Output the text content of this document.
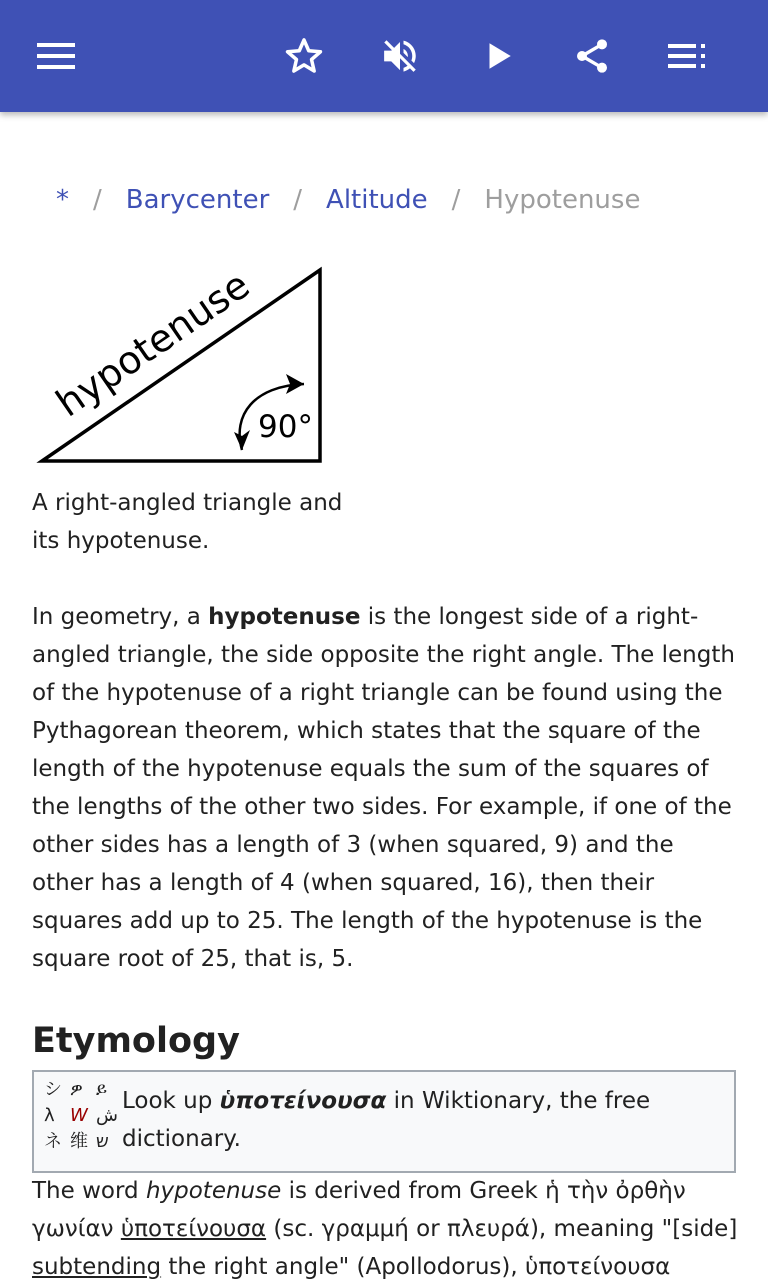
* / Barycenter / Altitude / Hypotenuse
hypotenuse
90°
A right-angled triangle and its hypotenuse.
In geometry, a hypotenuse is the longest side of a right-angled triangle, the side opposite the right angle. The length of the hypotenuse of a right triangle can be found using the Pythagorean theorem, which states that the square of the length of the hypotenuse equals the sum of the squares of the lengths of the other two sides. For example, if one of the other sides has a length of 3 (when squared, 9) and the other has a length of 4 (when squared, 16), then their squares add up to 25. The length of the hypotenuse is the square root of 25, that is, 5.
Etymology
シ ዎ ይ
λ W ش
ネ 维 ש
Look up ὑποτείνουσα in Wiktionary, the free dictionary.
The word hypotenuse is derived from Greek ἡ τὴν ὀρθὴν γωνίαν ὑποτείνουσα (sc. γραμμή or πλευρά), meaning "[side] subtending the right angle" (Apollodorus), ὑποτείνουσα
